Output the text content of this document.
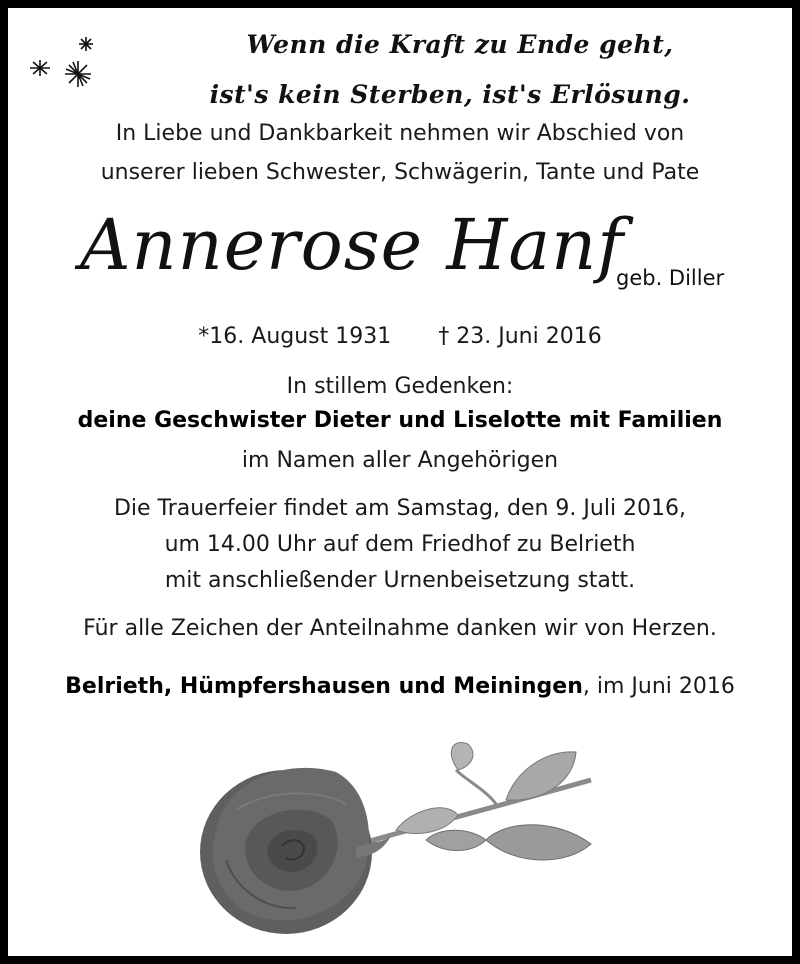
Wenn die Kraft zu Ende geht,
ist's kein Sterben, ist's Erlösung.
In Liebe und Dankbarkeit nehmen wir Abschied von
unserer lieben Schwester, Schwägerin, Tante und Pate
Annerose Hanf
geb. Diller
*16. August 1931 † 23. Juni 2016
In stillem Gedenken:
deine Geschwister Dieter und Liselotte mit Familien
im Namen aller Angehörigen
Die Trauerfeier findet am Samstag, den 9. Juli 2016,
um 14.00 Uhr auf dem Friedhof zu Belrieth
mit anschließender Urnenbeisetzung statt.
Für alle Zeichen der Anteilnahme danken wir von Herzen.
Belrieth, Hümpfershausen und Meiningen, im Juni 2016
